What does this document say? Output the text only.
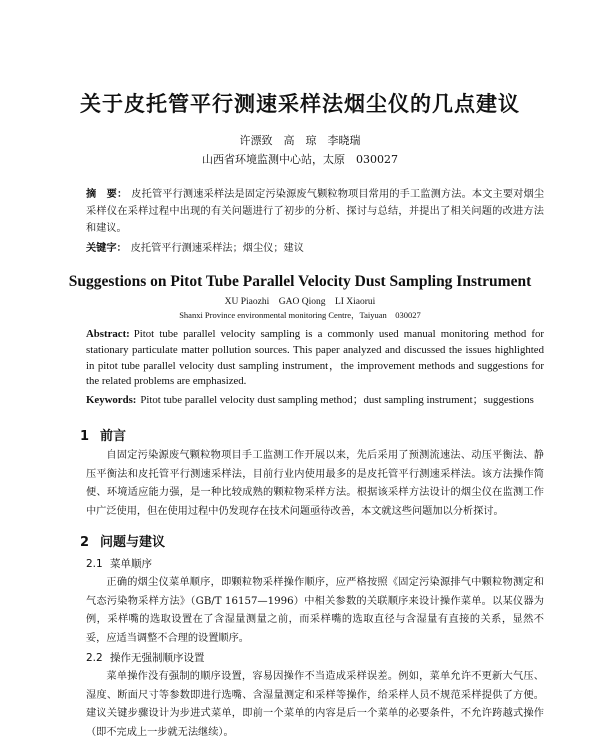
关于皮托管平行测速采样法烟尘仪的几点建议
许漂致　高　琼　李晓瑞
山西省环境监测中心站，太原　030027
摘　要： 皮托管平行测速采样法是固定污染源废气颗粒物项目常用的手工监测方法。本文主要对烟尘采样仪在采样过程中出现的有关问题进行了初步的分析、探讨与总结，并提出了相关问题的改进方法和建议。
关键字： 皮托管平行测速采样法；烟尘仪；建议
Suggestions on Pitot Tube Parallel Velocity Dust Sampling Instrument
XU Piaozhi　GAO Qiong　LI Xiaorui
Shanxi Province environmental monitoring Centre，Taiyuan　030027
Abstract: Pitot tube parallel velocity sampling is a commonly used manual monitoring method for stationary particulate matter pollution sources. This paper analyzed and discussed the issues highlighted in pitot tube parallel velocity dust sampling instrument，the improvement methods and suggestions for the related problems are emphasized.
Keywords: Pitot tube parallel velocity dust sampling method；dust sampling instrument；suggestions
1 前言
自固定污染源废气颗粒物项目手工监测工作开展以来，先后采用了预测流速法、动压平衡法、静压平衡法和皮托管平行测速采样法，目前行业内使用最多的是皮托管平行测速采样法。该方法操作简便、环境适应能力强，是一种比较成熟的颗粒物采样方法。根据该采样方法设计的烟尘仪在监测工作中广泛使用，但在使用过程中仍发现存在技术问题亟待改善，本文就这些问题加以分析探讨。
2 问题与建议
2.1 菜单顺序
正确的烟尘仪菜单顺序，即颗粒物采样操作顺序，应严格按照《固定污染源排气中颗粒物测定和气态污染物采样方法》（GB/T 16157—1996）中相关参数的关联顺序来设计操作菜单。以某仪器为例，采样嘴的选取设置在了含湿量测量之前，而采样嘴的选取直径与含湿量有直接的关系，显然不妥，应适当调整不合理的设置顺序。
2.2 操作无强制顺序设置
菜单操作没有强制的顺序设置，容易因操作不当造成采样误差。例如，菜单允许不更新大气压、湿度、断面尺寸等参数即进行选嘴、含湿量测定和采样等操作，给采样人员不规范采样提供了方便。建议关键步骤设计为步进式菜单，即前一个菜单的内容是后一个菜单的必要条件，不允许跨越式操作（即不完成上一步就无法继续）。
